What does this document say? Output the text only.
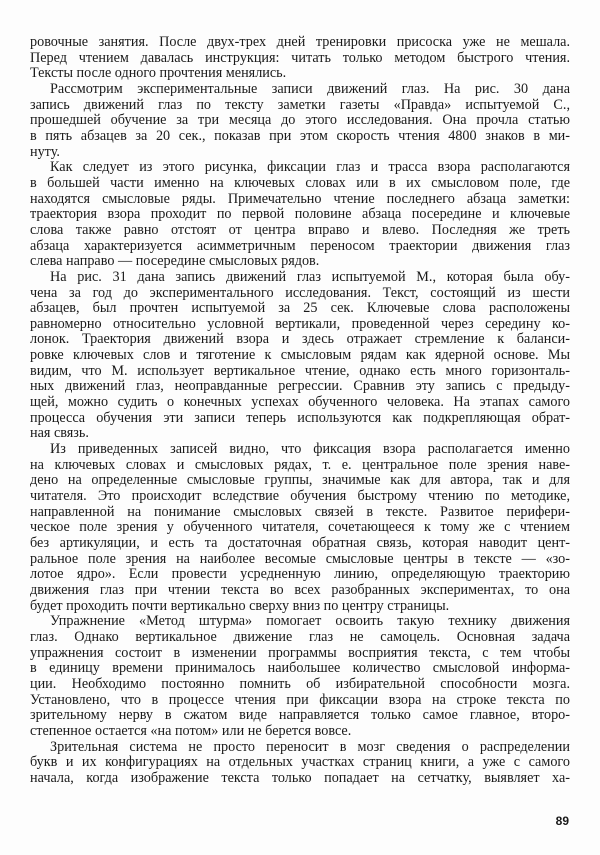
ровочные занятия. После двух-трех дней тренировки присоска уже не мешала.
Перед чтением давалась инструкция: читать только методом быстрого чтения.
Тексты после одного прочтения менялись.
Рассмотрим экспериментальные записи движений глаз. На рис. 30 дана
запись движений глаз по тексту заметки газеты «Правда» испытуемой С.,
прошедшей обучение за три месяца до этого исследования. Она прочла статью
в пять абзацев за 20 сек., показав при этом скорость чтения 4800 знаков в ми-
нуту.
Как следует из этого рисунка, фиксации глаз и трасса взора располагаются
в большей части именно на ключевых словах или в их смысловом поле, где
находятся смысловые ряды. Примечательно чтение последнего абзаца заметки:
траектория взора проходит по первой половине абзаца посередине и ключевые
слова также равно отстоят от центра вправо и влево. Последняя же треть
абзаца характеризуется асимметричным переносом траектории движения глаз
слева направо — посередине смысловых рядов.
На рис. 31 дана запись движений глаз испытуемой М., которая была обу-
чена за год до экспериментального исследования. Текст, состоящий из шести
абзацев, был прочтен испытуемой за 25 сек. Ключевые слова расположены
равномерно относительно условной вертикали, проведенной через середину ко-
лонок. Траектория движений взора и здесь отражает стремление к баланси-
ровке ключевых слов и тяготение к смысловым рядам как ядерной основе. Мы
видим, что М. использует вертикальное чтение, однако есть много горизонталь-
ных движений глаз, неоправданные регрессии. Сравнив эту запись с предыду-
щей, можно судить о конечных успехах обученного человека. На этапах самого
процесса обучения эти записи теперь используются как подкрепляющая обрат-
ная связь.
Из приведенных записей видно, что фиксация взора располагается именно
на ключевых словах и смысловых рядах, т. е. центральное поле зрения наве-
дено на определенные смысловые группы, значимые как для автора, так и для
читателя. Это происходит вследствие обучения быстрому чтению по методике,
направленной на понимание смысловых связей в тексте. Развитое перифери-
ческое поле зрения у обученного читателя, сочетающееся к тому же с чтением
без артикуляции, и есть та достаточная обратная связь, которая наводит цент-
ральное поле зрения на наиболее весомые смысловые центры в тексте — «зо-
лотое ядро». Если провести усредненную линию, определяющую траекторию
движения глаз при чтении текста во всех разобранных экспериментах, то она
будет проходить почти вертикально сверху вниз по центру страницы.
Упражнение «Метод штурма» помогает освоить такую технику движения
глаз. Однако вертикальное движение глаз не самоцель. Основная задача
упражнения состоит в изменении программы восприятия текста, с тем чтобы
в единицу времени принималось наибольшее количество смысловой информа-
ции. Необходимо постоянно помнить об избирательной способности мозга.
Установлено, что в процессе чтения при фиксации взора на строке текста по
зрительному нерву в сжатом виде направляется только самое главное, второ-
степенное остается «на потом» или не берется вовсе.
Зрительная система не просто переносит в мозг сведения о распределении
букв и их конфигурациях на отдельных участках страниц книги, а уже с самого
начала, когда изображение текста только попадает на сетчатку, выявляет ха-
89
